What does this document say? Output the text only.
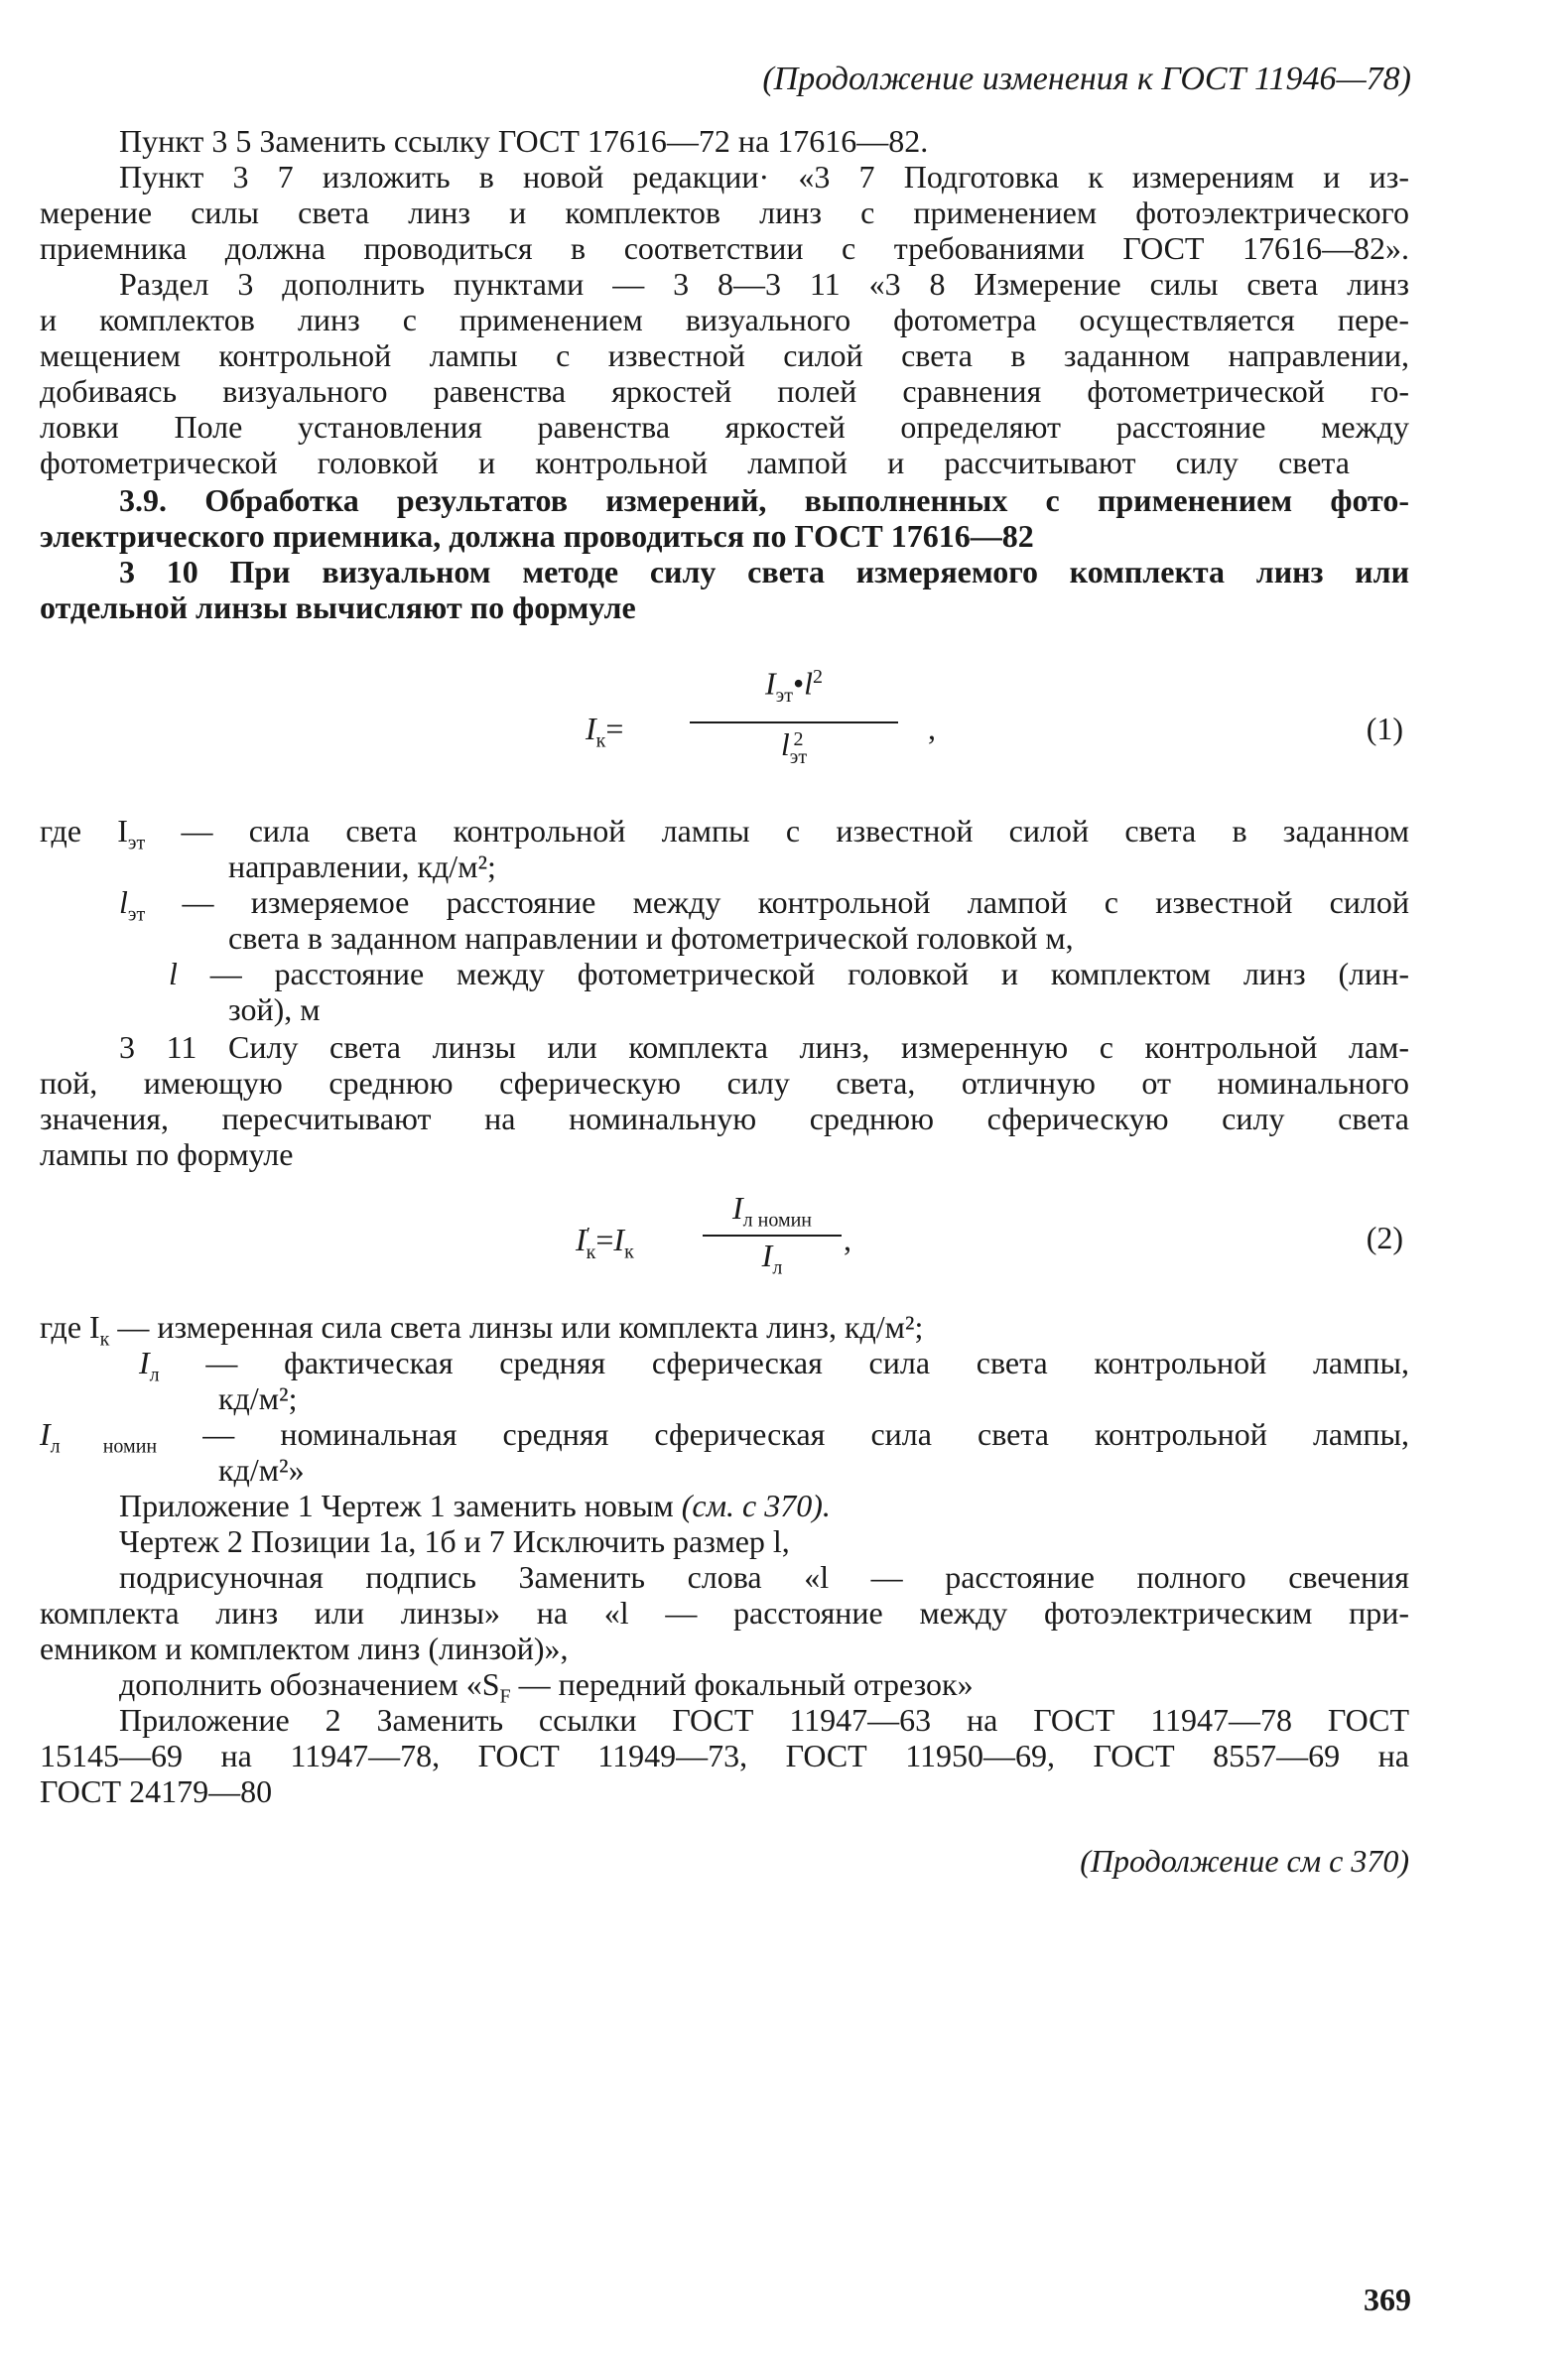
(Продолжение изменения к ГОСТ 11946—78)
Пункт 3 5 Заменить ссылку ГОСТ 17616—72 на 17616—82.
Пункт 3 7 изложить в новой редакции· «3 7 Подготовка к измерениям и из-
мерение силы света линз и комплектов линз с применением фотоэлектрического
приемника должна проводиться в соответствии с требованиями ГОСТ 17616—82».
Раздел 3 дополнить пунктами — 3 8—3 11 «3 8 Измерение силы света линз
и комплектов линз с применением визуального фотометра осуществляется пере-
мещением контрольной лампы с известной силой света в заданном направлении,
добиваясь визуального равенства яркостей полей сравнения фотометрической го-
ловки Поле установления равенства яркостей определяют расстояние между
фотометрической головкой и контрольной лампой и рассчитывают силу света
3.9. Обработка результатов измерений, выполненных с применением фото-
электрического приемника, должна проводиться по ГОСТ 17616—82
3 10 При визуальном методе силу света измеряемого комплекта линз или
отдельной линзы вычисляют по формуле
$I_к=$
$I_{эт}•l^2$
l 2
эт
,	(1)
где $I_{эт}$ — сила света контрольной лампы с известной силой света в заданном
направлении, кд/м²;
$l_{эт}$ — измеряемое расстояние между контрольной лампой с известной силой
света в заданном направлении и фотометрической головкой м,
l — расстояние между фотометрической головкой и комплектом линз (лин-
зой), м
3 11 Силу света линзы или комплекта линз, измеренную с контрольной лам-
пой, имеющую среднюю сферическую силу света, отличную от номинального
значения, пересчитывают на номинальную среднюю сферическую силу света
лампы по формуле
I ′
$к =I_к$
$I_{л номин}$
$I_л$
,	(2)
где $I_к$ — измеренная сила света линзы или комплекта линз, кд/м²;
$I_л$ — фактическая средняя сферическая сила света контрольной лампы,
кд/м²;
$I_{л номин}$ — номинальная средняя сферическая сила света контрольной лампы,
кд/м²»
Приложение 1 Чертеж 1 заменить новым (см. с 370).
Чертеж 2 Позиции 1а, 1б и 7 Исключить размер l,
подрисуночная подпись Заменить слова «l — расстояние полного свечения
комплекта линз или линзы» на «l — расстояние между фотоэлектрическим при-
емником и комплектом линз (линзой)»,
дополнить обозначением «$S_F$ — передний фокальный отрезок»
Приложение 2 Заменить ссылки ГОСТ 11947—63 на ГОСТ 11947—78 ГОСТ
15145—69 на 11947—78, ГОСТ 11949—73, ГОСТ 11950—69, ГОСТ 8557—69 на
ГОСТ 24179—80
(Продолжение см с 370)
369
